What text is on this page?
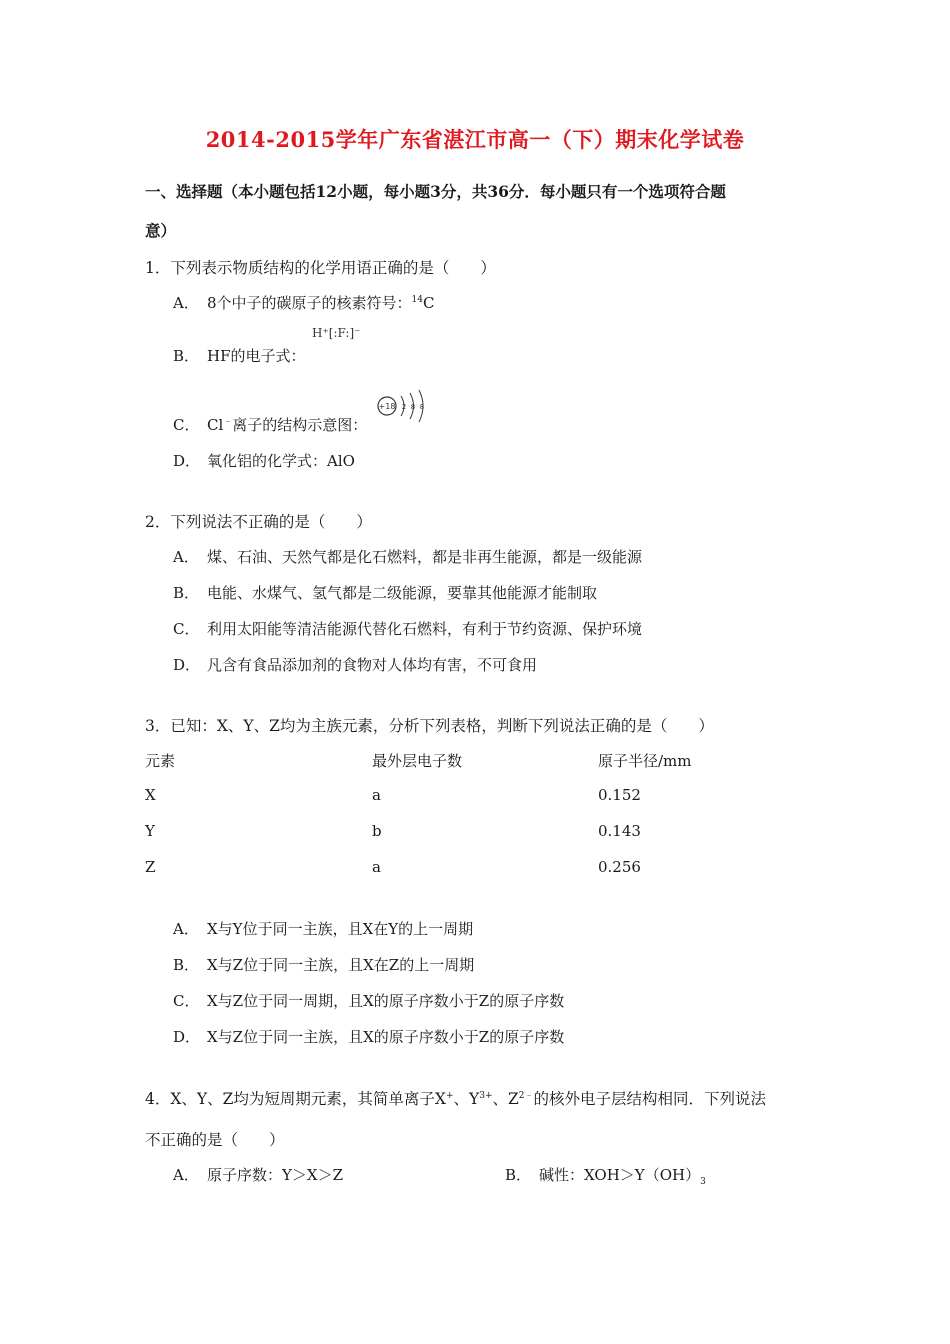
2014-2015学年广东省湛江市高一（下）期末化学试卷
一、选择题（本小题包括12小题，每小题3分，共36分．每小题只有一个选项符合题
意）
1．下列表示物质结构的化学用语正确的是（　　）
A． 8个中子的碳原子的核素符号：$^{14}$C
B． HF的电子式：
H⁺[:F:]⁻
C． Cl﹣离子的结构示意图：
+18 2 8 8
D． 氧化铝的化学式：AlO
2．下列说法不正确的是（　　）
A． 煤、石油、天然气都是化石燃料，都是非再生能源，都是一级能源
B． 电能、水煤气、氢气都是二级能源，要靠其他能源才能制取
C． 利用太阳能等清洁能源代替化石燃料，有利于节约资源、保护环境
D． 凡含有食品添加剂的食物对人体均有害，不可食用
3．已知：X、Y、Z均为主族元素，分析下列表格，判断下列说法正确的是（　　）
元素	最外层电子数	原子半径/mm
X	a	0.152
Y	b	0.143
Z	a	0.256
A． X与Y位于同一主族，且X在Y的上一周期
B． X与Z位于同一主族，且X在Z的上一周期
C． X与Z位于同一周期，且X的原子序数小于Z的原子序数
D． X与Z位于同一主族，且X的原子序数小于Z的原子序数
4．X、Y、Z均为短周期元素，其简单离子X+、$Y^{3+}$、$Z^{2﹣}$的核外电子层结构相同．下列说法
不正确的是（　　）
A． 原子序数：Y＞X＞Z	B． 碱性：$XOH>Y(OH)_3$
